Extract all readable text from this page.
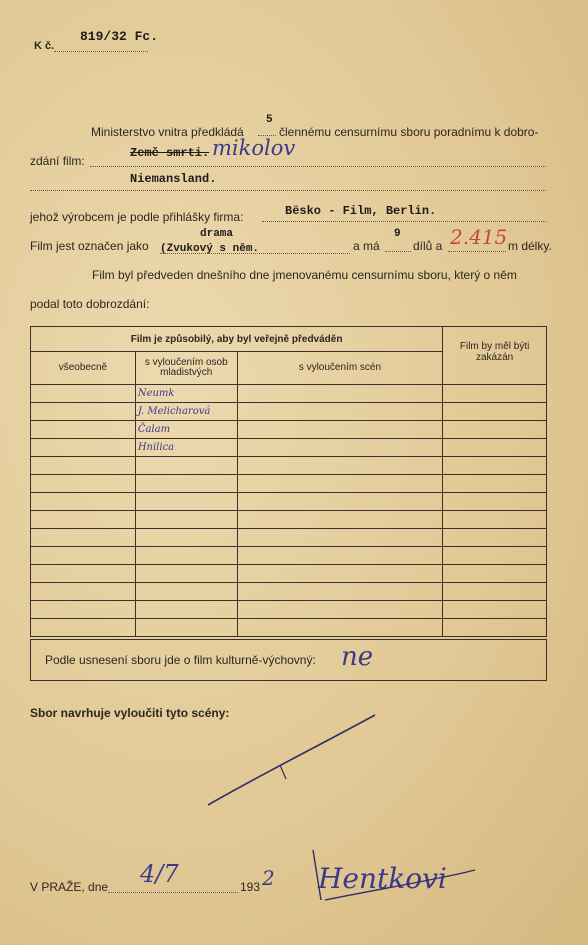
K č.
819/32 Fc.
Ministerstvo vnitra předkládá
5
člennému censurnímu sboru poradnímu k dobro-
zdání film:
Země smrti. mikolov
Niemansland.
jehož výrobcem je podle přihlášky firma:	Bësko - Film, Berlin.
Film jest označen jako
drama
(Zvukový s něm.	a má
9
dílů a 2.415 m délky.
Film byl předveden dnešního dne jmenovanému censurnímu sboru, který o něm
podal toto dobrozdání:
Film je způsobilý, aby byl veřejně předváděn			Film by měl býti zakázán
všeobecně	s vyloučením osob mladistvých	s vyloučením scén	
	Neumk		
	J. Melicharová		
	Čalam		
	Hnilica		

Podle usnesení sboru jde o film kulturně-výchovný: ne
Sbor navrhuje vyloučiti tyto scény:
V PRAŽE, dne 4/7	193 2 Hentkovi
